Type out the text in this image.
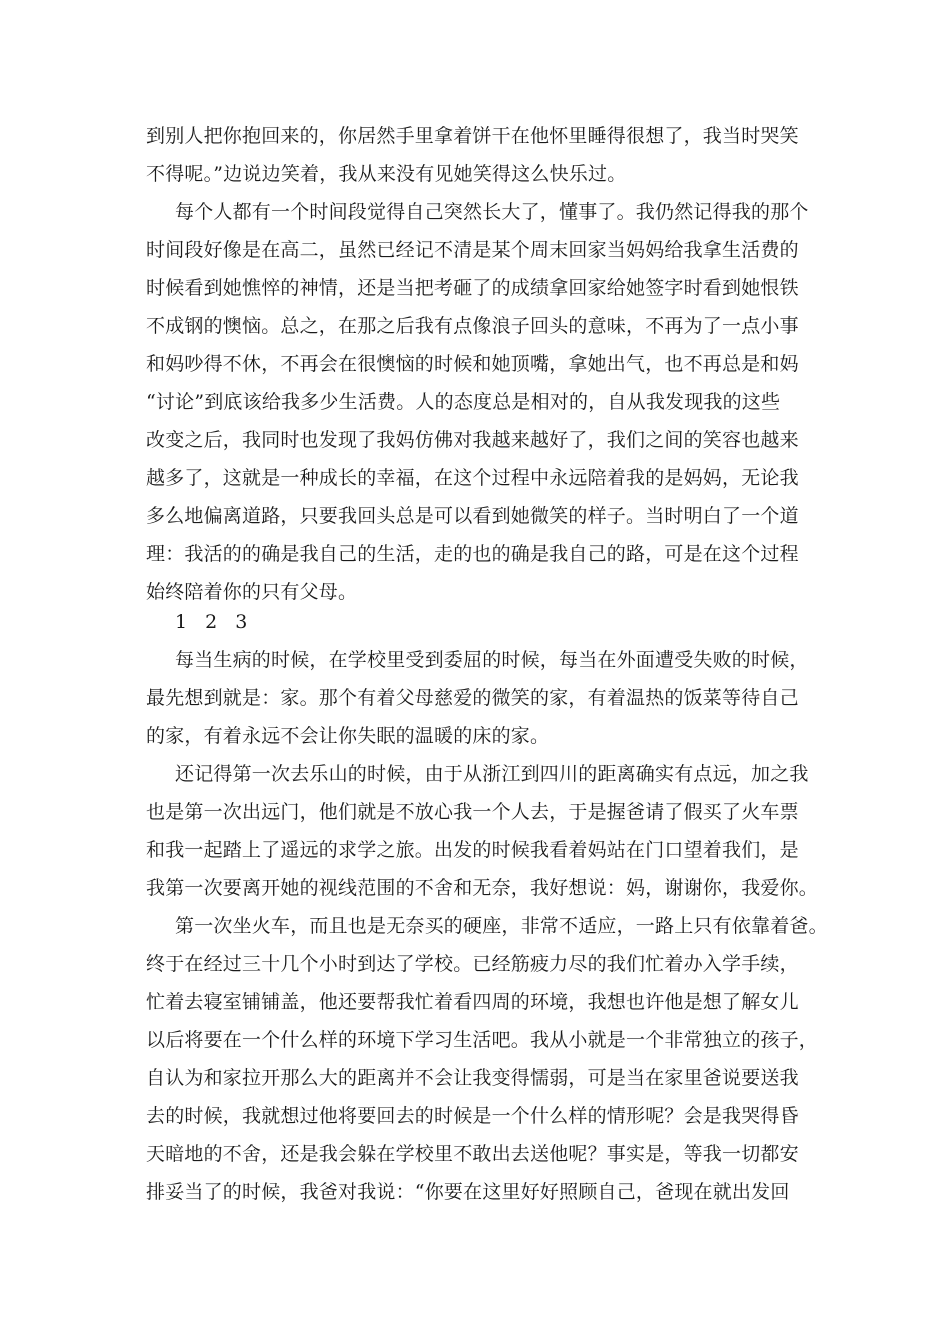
到别人把你抱回来的，你居然手里拿着饼干在他怀里睡得很想了，我当时哭笑
不得呢。”边说边笑着，我从来没有见她笑得这么快乐过。
每个人都有一个时间段觉得自己突然长大了，懂事了。我仍然记得我的那个
时间段好像是在高二，虽然已经记不清是某个周末回家当妈妈给我拿生活费的
时候看到她憔悴的神情，还是当把考砸了的成绩拿回家给她签字时看到她恨铁
不成钢的懊恼。总之，在那之后我有点像浪子回头的意味，不再为了一点小事
和妈吵得不休，不再会在很懊恼的时候和她顶嘴，拿她出气，也不再总是和妈
“讨论”到底该给我多少生活费。人的态度总是相对的，自从我发现我的这些
改变之后，我同时也发现了我妈仿佛对我越来越好了，我们之间的笑容也越来
越多了，这就是一种成长的幸福，在这个过程中永远陪着我的是妈妈，无论我
多么地偏离道路，只要我回头总是可以看到她微笑的样子。当时明白了一个道
理：我活的的确是我自己的生活，走的也的确是我自己的路，可是在这个过程
始终陪着你的只有父母。
1 2 3
每当生病的时候，在学校里受到委屈的时候，每当在外面遭受失败的时候，
最先想到就是：家。那个有着父母慈爱的微笑的家，有着温热的饭菜等待自己
的家，有着永远不会让你失眠的温暖的床的家。
还记得第一次去乐山的时候，由于从浙江到四川的距离确实有点远，加之我
也是第一次出远门，他们就是不放心我一个人去，于是握爸请了假买了火车票
和我一起踏上了遥远的求学之旅。出发的时候我看着妈站在门口望着我们，是
我第一次要离开她的视线范围的不舍和无奈，我好想说：妈，谢谢你，我爱你。
第一次坐火车，而且也是无奈买的硬座，非常不适应，一路上只有依靠着爸。
终于在经过三十几个小时到达了学校。已经筋疲力尽的我们忙着办入学手续，
忙着去寝室铺铺盖，他还要帮我忙着看四周的环境，我想也许他是想了解女儿
以后将要在一个什么样的环境下学习生活吧。我从小就是一个非常独立的孩子，
自认为和家拉开那么大的距离并不会让我变得懦弱，可是当在家里爸说要送我
去的时候，我就想过他将要回去的时候是一个什么样的情形呢？会是我哭得昏
天暗地的不舍，还是我会躲在学校里不敢出去送他呢？事实是，等我一切都安
排妥当了的时候，我爸对我说：“你要在这里好好照顾自己，爸现在就出发回
